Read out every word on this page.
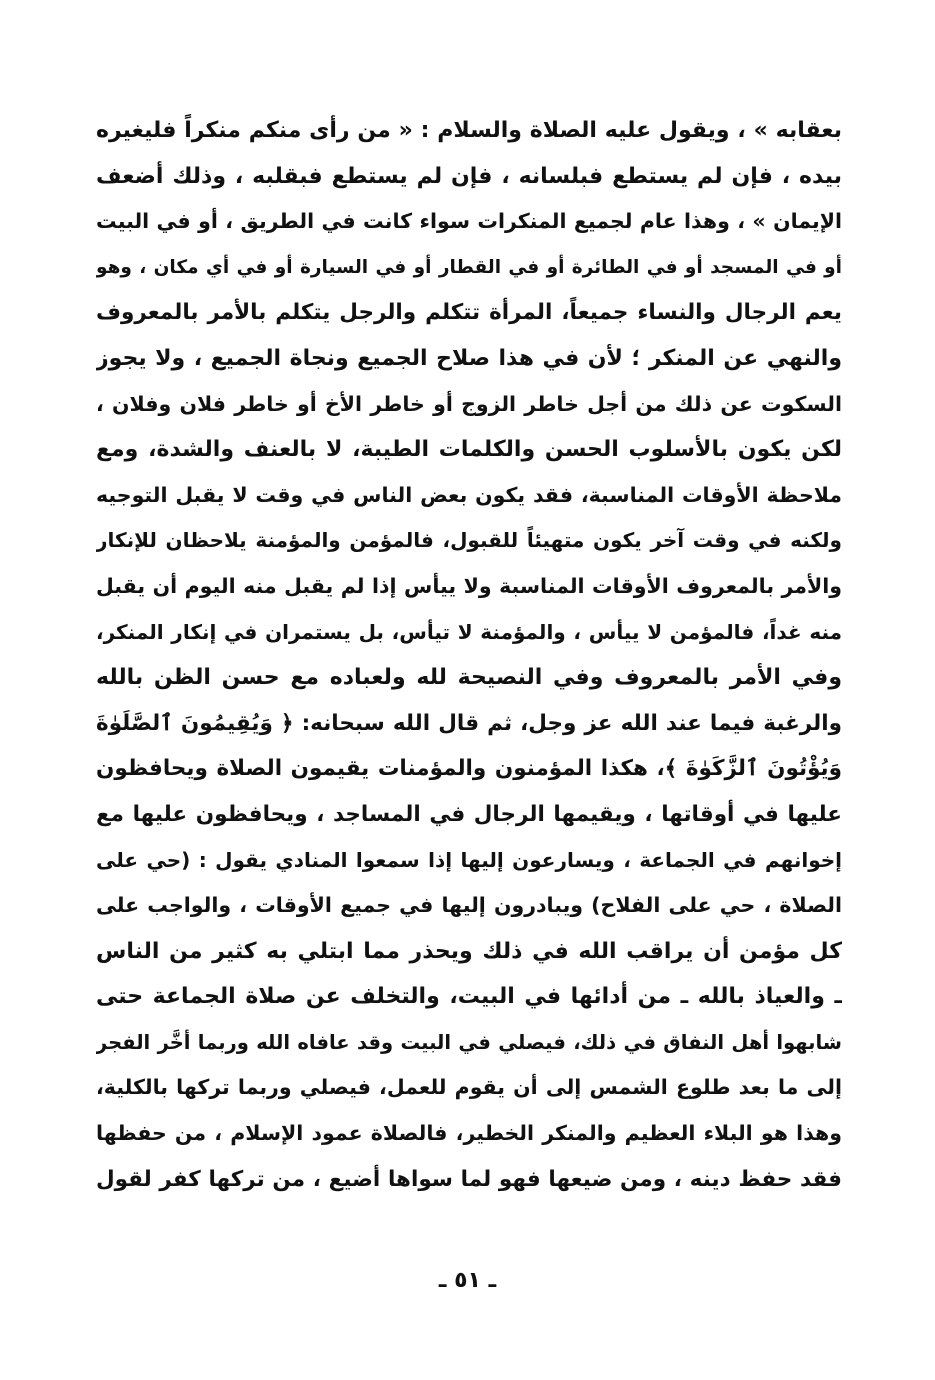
بعقابه » ، ويقول عليه الصلاة والسلام : « من رأى منكم منكراً فليغيره
بيده ، فإن لم يستطع فبلسانه ، فإن لم يستطع فبقلبه ، وذلك أضعف
الإيمان » ، وهذا عام لجميع المنكرات سواء كانت في الطريق ، أو في البيت
أو في المسجد أو في الطائرة أو في القطار أو في السيارة أو في أي مكان ، وهو
يعم الرجال والنساء جميعاً، المرأة تتكلم والرجل يتكلم بالأمر بالمعروف
والنهي عن المنكر ؛ لأن في هذا صلاح الجميع ونجاة الجميع ، ولا يجوز
السكوت عن ذلك من أجل خاطر الزوج أو خاطر الأخ أو خاطر فلان وفلان ،
لكن يكون بالأسلوب الحسن والكلمات الطيبة، لا بالعنف والشدة، ومع
ملاحظة الأوقات المناسبة، فقد يكون بعض الناس في وقت لا يقبل التوجيه
ولكنه في وقت آخر يكون متهيئاً للقبول، فالمؤمن والمؤمنة يلاحظان للإنكار
والأمر بالمعروف الأوقات المناسبة ولا ييأس إذا لم يقبل منه اليوم أن يقبل
منه غداً، فالمؤمن لا ييأس ، والمؤمنة لا تيأس، بل يستمران في إنكار المنكر،
وفي الأمر بالمعروف وفي النصيحة لله ولعباده مع حسن الظن بالله
والرغبة فيما عند الله عز وجل، ثم قال الله سبحانه: ﴿ وَيُقِيمُونَ ٱلصَّلَوٰةَ
وَيُؤْتُونَ ٱلزَّكَوٰةَ ﴾، هكذا المؤمنون والمؤمنات يقيمون الصلاة ويحافظون
عليها في أوقاتها ، ويقيمها الرجال في المساجد ، ويحافظون عليها مع
إخوانهم في الجماعة ، ويسارعون إليها إذا سمعوا المنادي يقول : (حي على
الصلاة ، حي على الفلاح) ويبادرون إليها في جميع الأوقات ، والواجب على
كل مؤمن أن يراقب الله في ذلك ويحذر مما ابتلي به كثير من الناس
ـ والعياذ بالله ـ من أدائها في البيت، والتخلف عن صلاة الجماعة حتى
شابهوا أهل النفاق في ذلك، فيصلي في البيت وقد عافاه الله وربما أخَّر الفجر
إلى ما بعد طلوع الشمس إلى أن يقوم للعمل، فيصلي وربما تركها بالكلية،
وهذا هو البلاء العظيم والمنكر الخطير، فالصلاة عمود الإسلام ، من حفظها
فقد حفظ دينه ، ومن ضيعها فهو لما سواها أضيع ، من تركها كفر لقول
ـ ٥١ ـ
